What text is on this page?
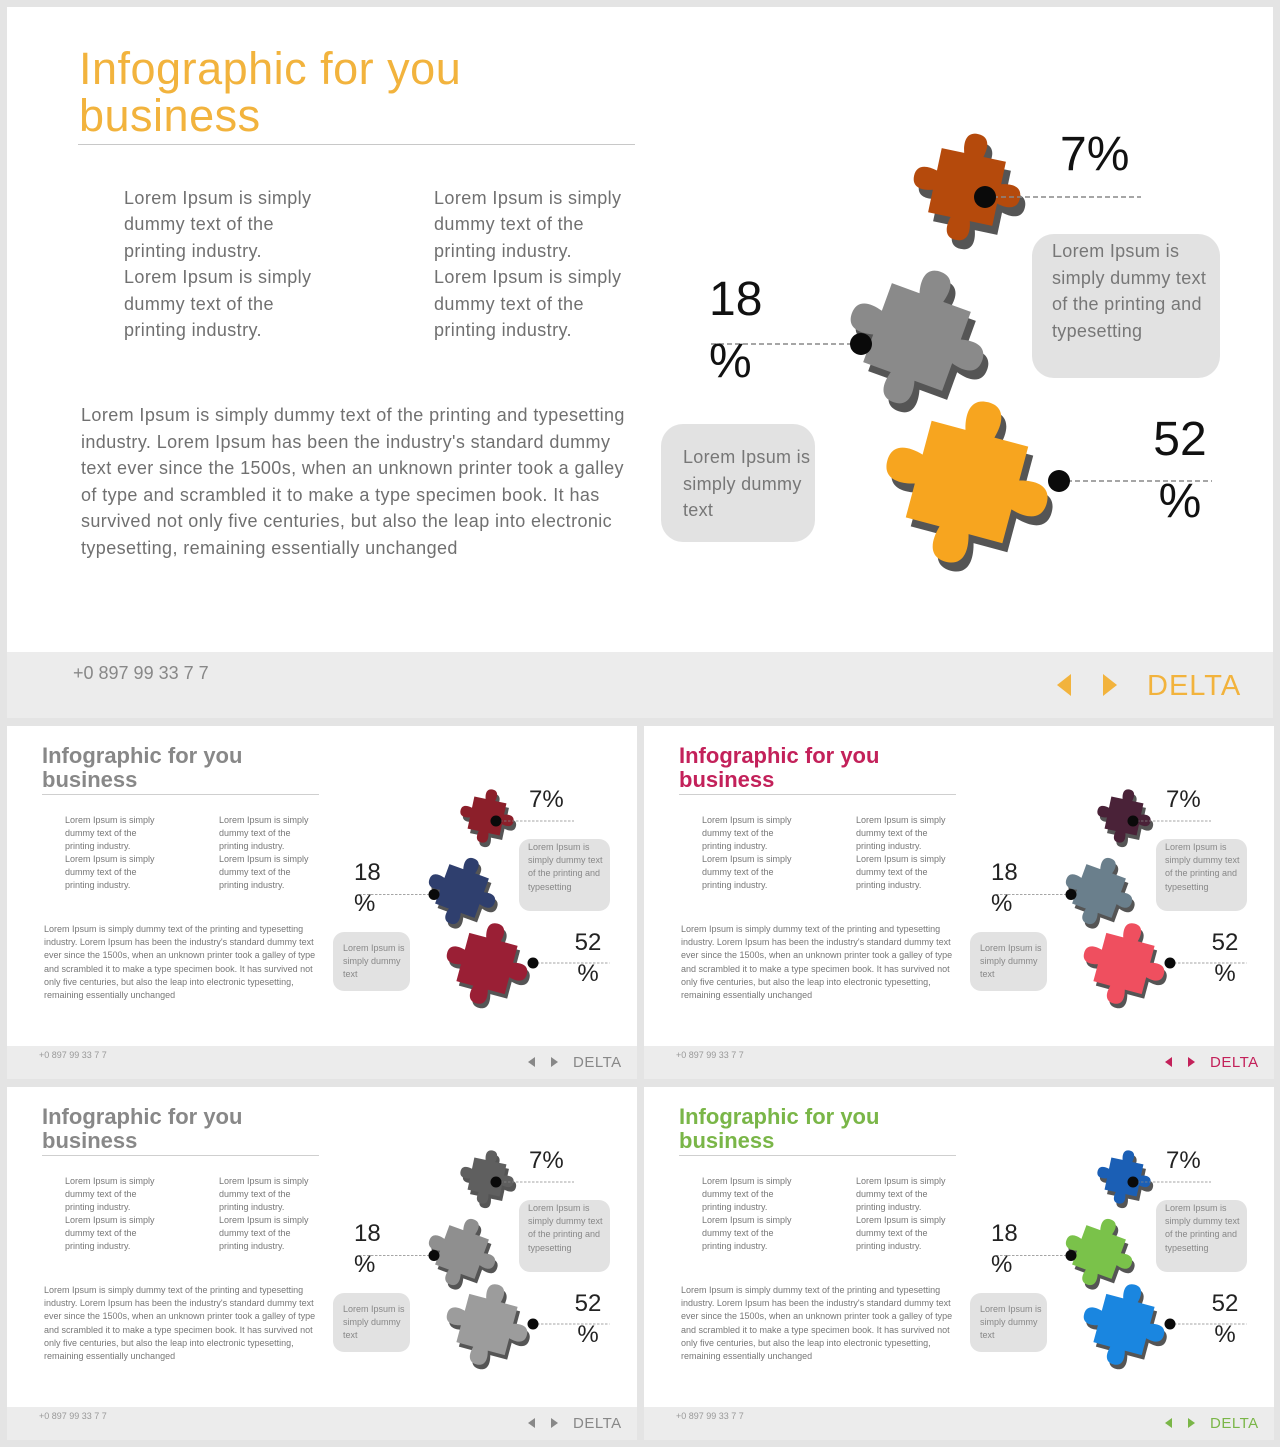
Infographic for you business
Lorem Ipsum is simply dummy text of the printing industry.
Lorem Ipsum is simply dummy text of the printing industry.
Lorem Ipsum is simply dummy text of the printing industry.
Lorem Ipsum is simply dummy text of the printing industry.
Lorem Ipsum is simply dummy text of the printing and typesetting industry. Lorem Ipsum has been the industry's standard dummy text ever since the 1500s, when an unknown printer took a galley of type and scrambled it to make a type specimen book. It has survived not only five centuries, but also the leap into electronic typesetting, remaining essentially unchanged
Lorem Ipsum is simply dummy text of the printing and typesetting
Lorem Ipsum is simply dummy text
7%
18 %
52 %
+0 897 99 33 7 7	DELTA
Infographic for you business
Lorem Ipsum is simply dummy text of the printing industry.
Lorem Ipsum is simply dummy text of the printing industry.
Lorem Ipsum is simply dummy text of the printing industry.
Lorem Ipsum is simply dummy text of the printing industry.
Lorem Ipsum is simply dummy text of the printing and typesetting industry. Lorem Ipsum has been the industry's standard dummy text ever since the 1500s, when an unknown printer took a galley of type and scrambled it to make a type specimen book. It has survived not only five centuries, but also the leap into electronic typesetting, remaining essentially unchanged
Lorem Ipsum is simply dummy text of the printing and typesetting
Lorem Ipsum is simply dummy text
7%
18 %
52 %
+0 897 99 33 7 7	DELTA
Infographic for you business
Lorem Ipsum is simply dummy text of the printing industry.
Lorem Ipsum is simply dummy text of the printing industry.
Lorem Ipsum is simply dummy text of the printing industry.
Lorem Ipsum is simply dummy text of the printing industry.
Lorem Ipsum is simply dummy text of the printing and typesetting industry. Lorem Ipsum has been the industry's standard dummy text ever since the 1500s, when an unknown printer took a galley of type and scrambled it to make a type specimen book. It has survived not only five centuries, but also the leap into electronic typesetting, remaining essentially unchanged
Lorem Ipsum is simply dummy text of the printing and typesetting
Lorem Ipsum is simply dummy text
7%
18 %
52 %
+0 897 99 33 7 7	DELTA
Infographic for you business
Lorem Ipsum is simply dummy text of the printing industry.
Lorem Ipsum is simply dummy text of the printing industry.
Lorem Ipsum is simply dummy text of the printing industry.
Lorem Ipsum is simply dummy text of the printing industry.
Lorem Ipsum is simply dummy text of the printing and typesetting industry. Lorem Ipsum has been the industry's standard dummy text ever since the 1500s, when an unknown printer took a galley of type and scrambled it to make a type specimen book. It has survived not only five centuries, but also the leap into electronic typesetting, remaining essentially unchanged
Lorem Ipsum is simply dummy text of the printing and typesetting
Lorem Ipsum is simply dummy text
7%
18 %
52 %
+0 897 99 33 7 7	DELTA
Infographic for you business
Lorem Ipsum is simply dummy text of the printing industry.
Lorem Ipsum is simply dummy text of the printing industry.
Lorem Ipsum is simply dummy text of the printing industry.
Lorem Ipsum is simply dummy text of the printing industry.
Lorem Ipsum is simply dummy text of the printing and typesetting industry. Lorem Ipsum has been the industry's standard dummy text ever since the 1500s, when an unknown printer took a galley of type and scrambled it to make a type specimen book. It has survived not only five centuries, but also the leap into electronic typesetting, remaining essentially unchanged
Lorem Ipsum is simply dummy text of the printing and typesetting
Lorem Ipsum is simply dummy text
7%
18 %
52 %
+0 897 99 33 7 7	DELTA
